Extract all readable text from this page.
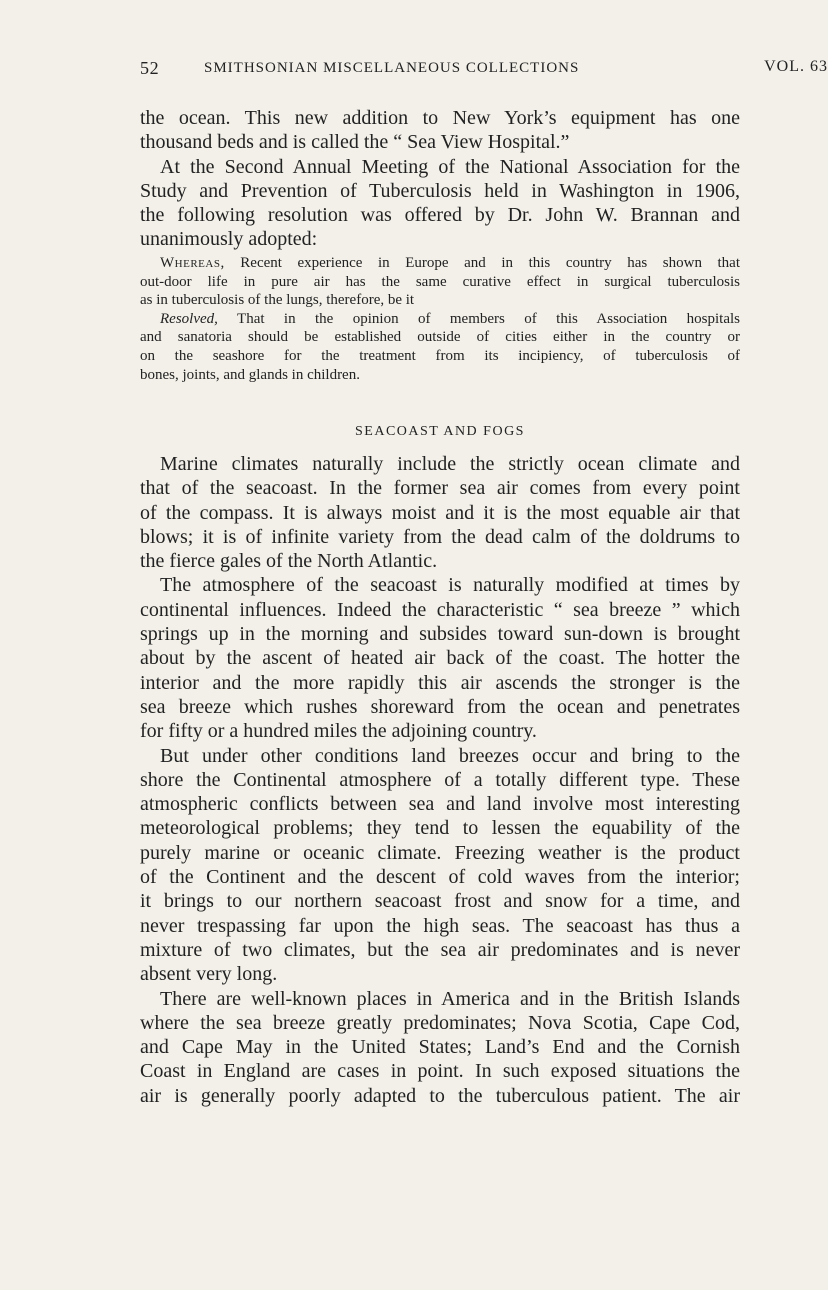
52	SMITHSONIAN MISCELLANEOUS COLLECTIONS	VOL. 63
the ocean. This new addition to New York’s equipment has one
thousand beds and is called the “ Sea View Hospital.”
At the Second Annual Meeting of the National Association for the
Study and Prevention of Tuberculosis held in Washington in 1906,
the following resolution was offered by Dr. John W. Brannan and
unanimously adopted:
Whereas, Recent experience in Europe and in this country has shown that
out-door life in pure air has the same curative effect in surgical tuberculosis
as in tuberculosis of the lungs, therefore, be it
Resolved, That in the opinion of members of this Association hospitals
and sanatoria should be established outside of cities either in the country or
on the seashore for the treatment from its incipiency, of tuberculosis of
bones, joints, and glands in children.
SEACOAST AND FOGS
Marine climates naturally include the strictly ocean climate and
that of the seacoast. In the former sea air comes from every point
of the compass. It is always moist and it is the most equable air that
blows; it is of infinite variety from the dead calm of the doldrums to
the fierce gales of the North Atlantic.
The atmosphere of the seacoast is naturally modified at times by
continental influences. Indeed the characteristic “ sea breeze ” which
springs up in the morning and subsides toward sun-down is brought
about by the ascent of heated air back of the coast. The hotter the
interior and the more rapidly this air ascends the stronger is the
sea breeze which rushes shoreward from the ocean and penetrates
for fifty or a hundred miles the adjoining country.
But under other conditions land breezes occur and bring to the
shore the Continental atmosphere of a totally different type. These
atmospheric conflicts between sea and land involve most interesting
meteorological problems; they tend to lessen the equability of the
purely marine or oceanic climate. Freezing weather is the product
of the Continent and the descent of cold waves from the interior;
it brings to our northern seacoast frost and snow for a time, and
never trespassing far upon the high seas. The seacoast has thus a
mixture of two climates, but the sea air predominates and is never
absent very long.
There are well-known places in America and in the British Islands
where the sea breeze greatly predominates; Nova Scotia, Cape Cod,
and Cape May in the United States; Land’s End and the Cornish
Coast in England are cases in point. In such exposed situations the
air is generally poorly adapted to the tuberculous patient. The air
